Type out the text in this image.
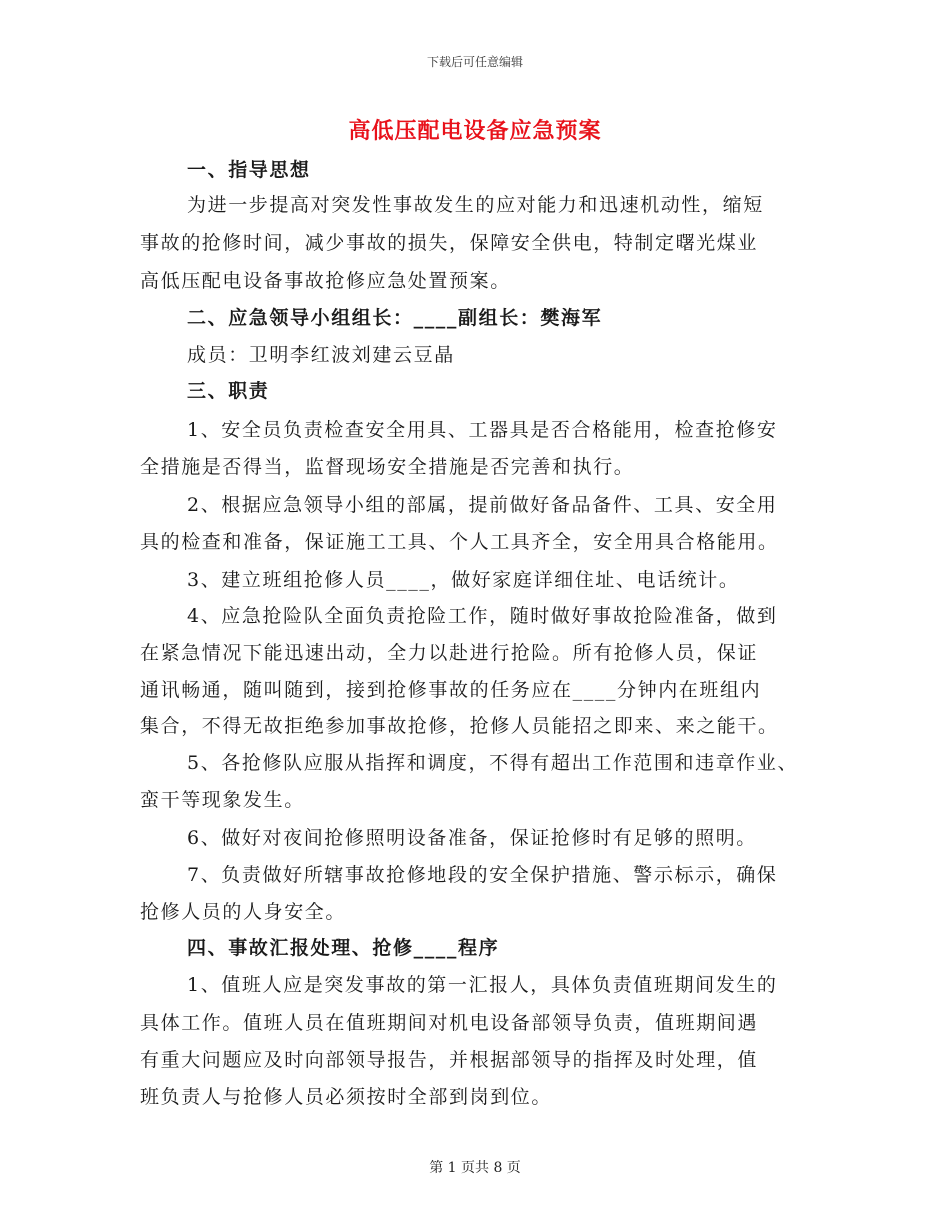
下载后可任意编辑
高低压配电设备应急预案

一、指导思想

为进一步提高对突发性事故发生的应对能力和迅速机动性，缩短

事故的抢修时间，减少事故的损失，保障安全供电，特制定曙光煤业

高低压配电设备事故抢修应急处置预案。

二、应急领导小组组长：____副组长：樊海军

成员：卫明李红波刘建云豆晶

三、职责

1、安全员负责检查安全用具、工器具是否合格能用，检查抢修安

全措施是否得当，监督现场安全措施是否完善和执行。

2、根据应急领导小组的部属，提前做好备品备件、工具、安全用

具的检查和准备，保证施工工具、个人工具齐全，安全用具合格能用。

3、建立班组抢修人员____，做好家庭详细住址、电话统计。

4、应急抢险队全面负责抢险工作，随时做好事故抢险准备，做到

在紧急情况下能迅速出动，全力以赴进行抢险。所有抢修人员，保证

通讯畅通，随叫随到，接到抢修事故的任务应在____分钟内在班组内

集合，不得无故拒绝参加事故抢修，抢修人员能招之即来、来之能干。

5、各抢修队应服从指挥和调度，不得有超出工作范围和违章作业、

蛮干等现象发生。

6、做好对夜间抢修照明设备准备，保证抢修时有足够的照明。

7、负责做好所辖事故抢修地段的安全保护措施、警示标示，确保

抢修人员的人身安全。

四、事故汇报处理、抢修____程序

1、值班人应是突发事故的第一汇报人，具体负责值班期间发生的

具体工作。值班人员在值班期间对机电设备部领导负责，值班期间遇

有重大问题应及时向部领导报告，并根据部领导的指挥及时处理，值

班负责人与抢修人员必须按时全部到岗到位。

第 1 页共 8 页
